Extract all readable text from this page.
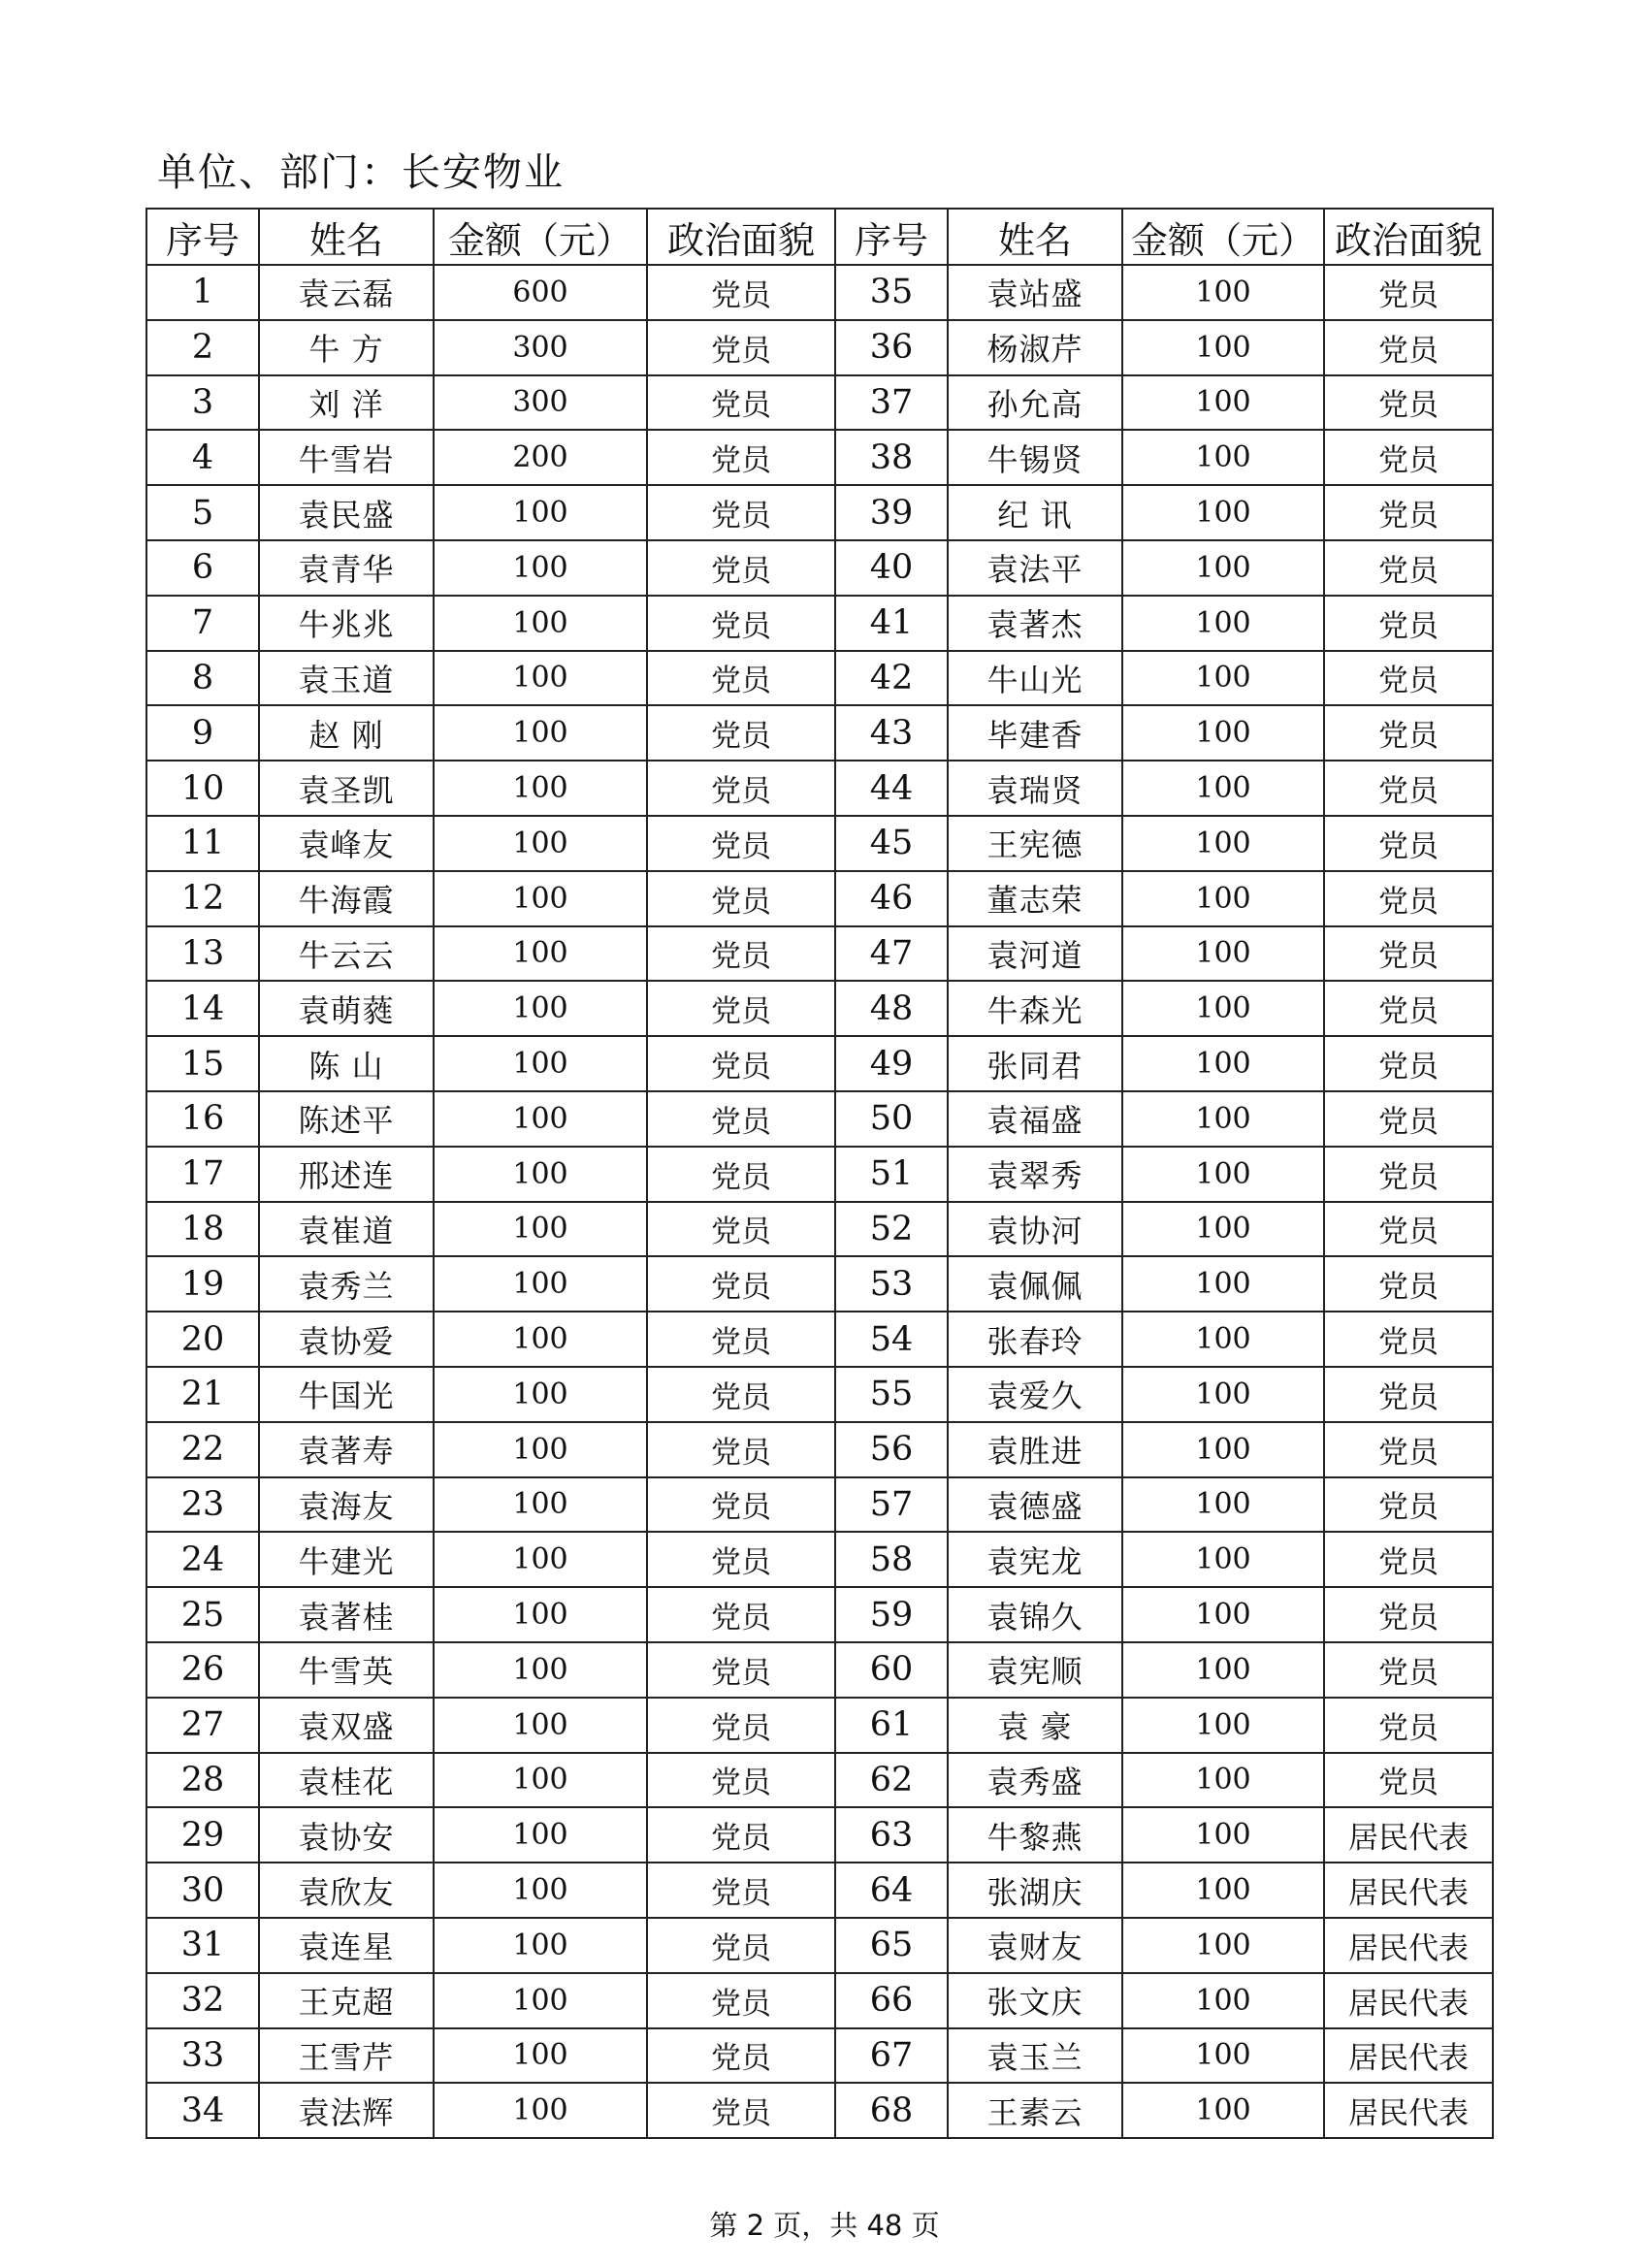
单位、部门：长安物业
序号	姓名	金额（元）	政治面貌	序号	姓名	金额（元）	政治面貌
1	袁云磊	600	党员	35	袁站盛	100	党员
2	牛 方	300	党员	36	杨淑芹	100	党员
3	刘 洋	300	党员	37	孙允高	100	党员
4	牛雪岩	200	党员	38	牛锡贤	100	党员
5	袁民盛	100	党员	39	纪 讯	100	党员
6	袁青华	100	党员	40	袁法平	100	党员
7	牛兆兆	100	党员	41	袁著杰	100	党员
8	袁玉道	100	党员	42	牛山光	100	党员
9	赵 刚	100	党员	43	毕建香	100	党员
10	袁圣凯	100	党员	44	袁瑞贤	100	党员
11	袁峰友	100	党员	45	王宪德	100	党员
12	牛海霞	100	党员	46	董志荣	100	党员
13	牛云云	100	党员	47	袁河道	100	党员
14	袁萌蕤	100	党员	48	牛森光	100	党员
15	陈 山	100	党员	49	张同君	100	党员
16	陈述平	100	党员	50	袁福盛	100	党员
17	邢述连	100	党员	51	袁翠秀	100	党员
18	袁崔道	100	党员	52	袁协河	100	党员
19	袁秀兰	100	党员	53	袁佩佩	100	党员
20	袁协爱	100	党员	54	张春玲	100	党员
21	牛国光	100	党员	55	袁爱久	100	党员
22	袁著寿	100	党员	56	袁胜进	100	党员
23	袁海友	100	党员	57	袁德盛	100	党员
24	牛建光	100	党员	58	袁宪龙	100	党员
25	袁著桂	100	党员	59	袁锦久	100	党员
26	牛雪英	100	党员	60	袁宪顺	100	党员
27	袁双盛	100	党员	61	袁 豪	100	党员
28	袁桂花	100	党员	62	袁秀盛	100	党员
29	袁协安	100	党员	63	牛黎燕	100	居民代表
30	袁欣友	100	党员	64	张湖庆	100	居民代表
31	袁连星	100	党员	65	袁财友	100	居民代表
32	王克超	100	党员	66	张文庆	100	居民代表
33	王雪芹	100	党员	67	袁玉兰	100	居民代表
34	袁法辉	100	党员	68	王素云	100	居民代表
第 2 页，共 48 页
